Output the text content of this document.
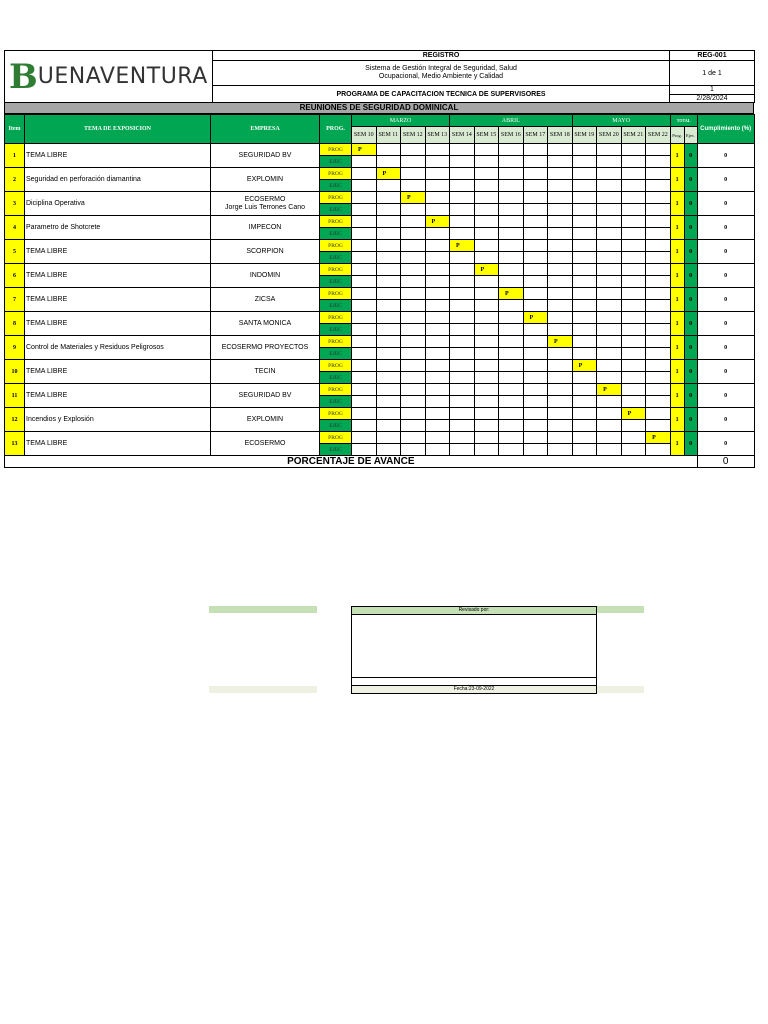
B UENAVENTURA	REGISTRO	REG-001
	Sistema de Gestión Integral de Seguridad, Salud
Ocupacional, Medio Ambiente y Calidad	1 de 1
	PROGRAMA DE CAPACITACION TECNICA DE SUPERVISORES	1
		2/28/2024
REUNIONES DE SEGURIDAD DOMINICAL
Item	TEMA DE EXPOSICION	EMPRESA	PROG.	MARZO				ABRIL					MAYO				TOTAL		Cumplimiento (%)
				SEM 10	SEM 11	SEM 12	SEM 13	SEM 14	SEM 15	SEM 16	SEM 17	SEM 18	SEM 19	SEM 20	SEM 21	SEM 22			
																	Prog.	Ejec.	
1	TEMA LIBRE	SEGURIDAD BV	PROG	P													1	0	0
			EJEC																
2	Seguridad en perforación diamantina	EXPLOMIN	PROG		P												1	0	0
			EJEC																
3	Diciplina Operativa	ECOSERMO
Jorge Luis Terrones Cano	PROG			P											1	0	0
			EJEC																
4	Parametro de Shotcrete	IMPECON	PROG				P										1	0	0
			EJEC																
5	TEMA LIBRE	SCORPION	PROG					P									1	0	0
			EJEC																
6	TEMA LIBRE	INDOMIN	PROG						P								1	0	0
			EJEC																
7	TEMA LIBRE	ZICSA	PROG							P							1	0	0
			EJEC																
8	TEMA LIBRE	SANTA MONICA	PROG								P						1	0	0
			EJEC																
9	Control de Materiales y Residuos Peligrosos	ECOSERMO PROYECTOS	PROG									P					1	0	0
			EJEC																
10	TEMA LIBRE	TECIN	PROG										P				1	0	0
			EJEC																
11	TEMA LIBRE	SEGURIDAD BV	PROG											P			1	0	0
			EJEC																
12	Incendios y Explosión	EXPLOMIN	PROG												P		1	0	0
			EJEC																
13	TEMA LIBRE	ECOSERMO	PROG													P	1	0	0
			EJEC																
PORCENTAJE DE AVANCE																			0
Revisado por:
Fecha:23-09-2022
